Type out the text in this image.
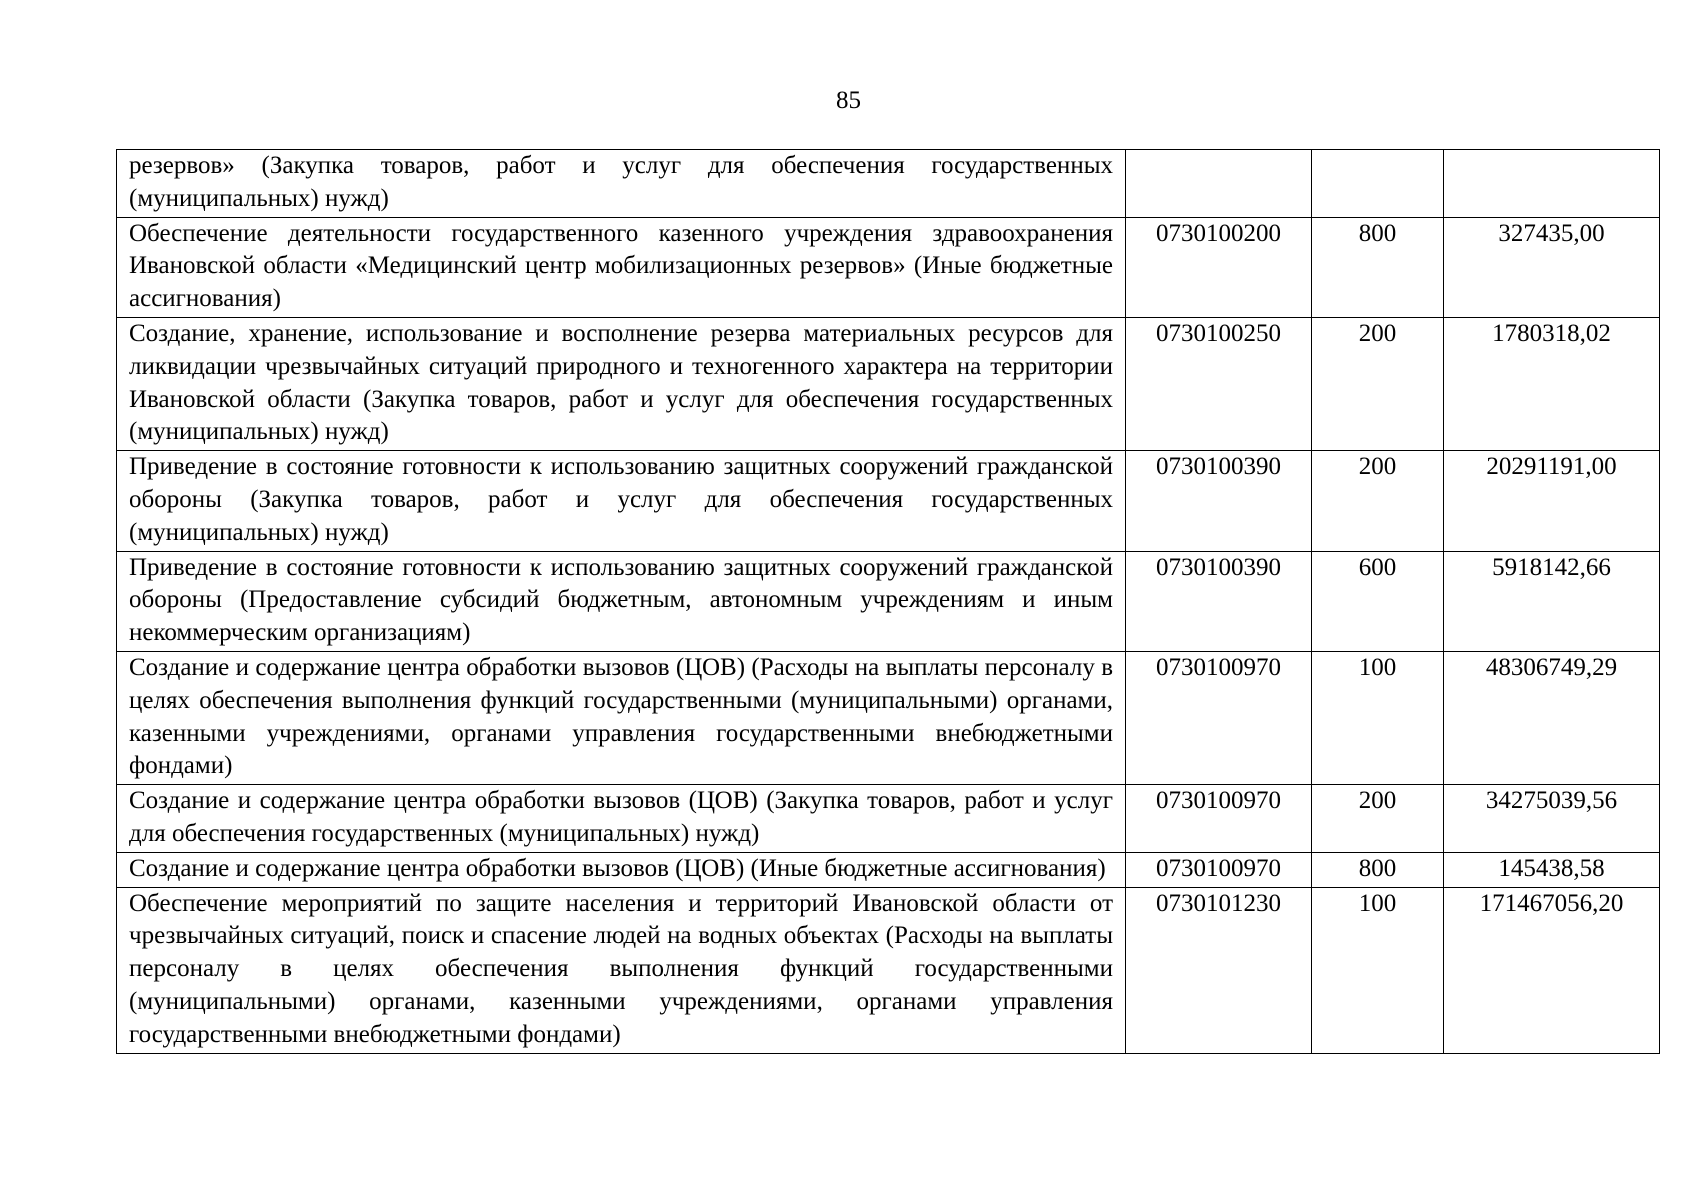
85
резервов» (Закупка товаров, работ и услуг для обеспечения государственных (муниципальных) нужд)			
Обеспечение деятельности государственного казенного учреждения здравоохранения Ивановской области «Медицинский центр мобилизационных резервов» (Иные бюджетные ассигнования)	0730100200	800	327435,00
Создание, хранение, использование и восполнение резерва материальных ресурсов для ликвидации чрезвычайных ситуаций природного и техногенного характера на территории Ивановской области (Закупка товаров, работ и услуг для обеспечения государственных (муниципальных) нужд)	0730100250	200	1780318,02
Приведение в состояние готовности к использованию защитных сооружений гражданской обороны (Закупка товаров, работ и услуг для обеспечения государственных (муниципальных) нужд)	0730100390	200	20291191,00
Приведение в состояние готовности к использованию защитных сооружений гражданской обороны (Предоставление субсидий бюджетным, автономным учреждениям и иным некоммерческим организациям)	0730100390	600	5918142,66
Создание и содержание центра обработки вызовов (ЦОВ) (Расходы на выплаты персоналу в целях обеспечения выполнения функций государственными (муниципальными) органами, казенными учреждениями, органами управления государственными внебюджетными фондами)	0730100970	100	48306749,29
Создание и содержание центра обработки вызовов (ЦОВ) (Закупка товаров, работ и услуг для обеспечения государственных (муниципальных) нужд)	0730100970	200	34275039,56
Создание и содержание центра обработки вызовов (ЦОВ) (Иные бюджетные ассигнования)	0730100970	800	145438,58
Обеспечение мероприятий по защите населения и территорий Ивановской области от чрезвычайных ситуаций, поиск и спасение людей на водных объектах (Расходы на выплаты персоналу в целях обеспечения выполнения функций государственными (муниципальными) органами, казенными учреждениями, органами управления государственными внебюджетными фондами)	0730101230	100	171467056,20
